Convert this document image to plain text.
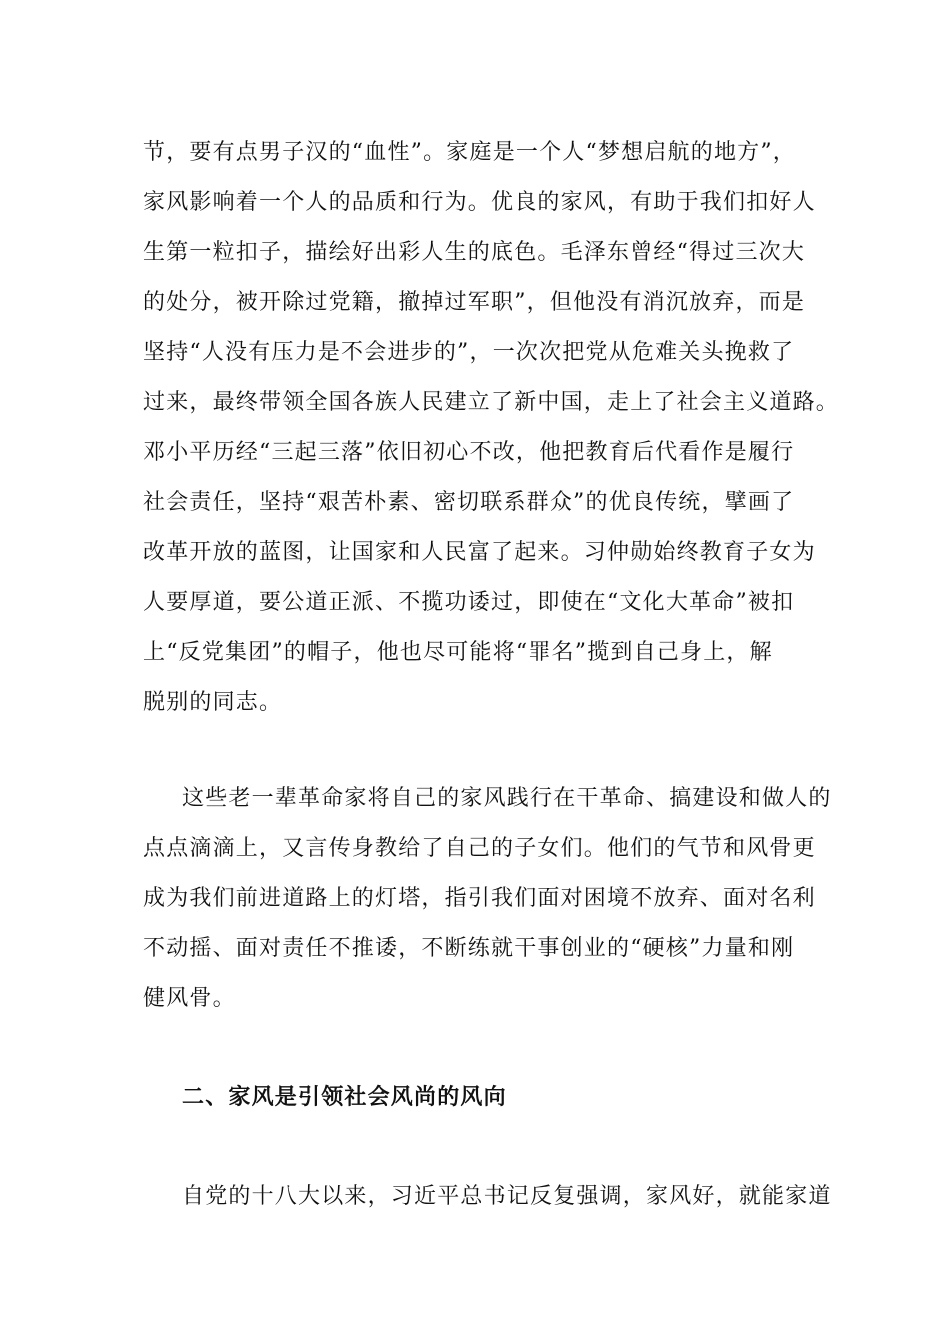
节，要有点男子汉的“血性”。家庭是一个人“梦想启航的地方”，
家风影响着一个人的品质和行为。优良的家风，有助于我们扣好人
生第一粒扣子，描绘好出彩人生的底色。毛泽东曾经“得过三次大
的处分，被开除过党籍，撤掉过军职”，但他没有消沉放弃，而是
坚持“人没有压力是不会进步的”，一次次把党从危难关头挽救了
过来，最终带领全国各族人民建立了新中国，走上了社会主义道路。
邓小平历经“三起三落”依旧初心不改，他把教育后代看作是履行
社会责任，坚持“艰苦朴素、密切联系群众”的优良传统，擘画了
改革开放的蓝图，让国家和人民富了起来。习仲勋始终教育子女为
人要厚道，要公道正派、不揽功诿过，即使在“文化大革命”被扣
上“反党集团”的帽子，他也尽可能将“罪名”揽到自己身上，解
脱别的同志。
这些老一辈革命家将自己的家风践行在干革命、搞建设和做人的
点点滴滴上，又言传身教给了自己的子女们。他们的气节和风骨更
成为我们前进道路上的灯塔，指引我们面对困境不放弃、面对名利
不动摇、面对责任不推诿，不断练就干事创业的“硬核”力量和刚
健风骨。
二、家风是引领社会风尚的风向
自党的十八大以来，习近平总书记反复强调，家风好，就能家道
